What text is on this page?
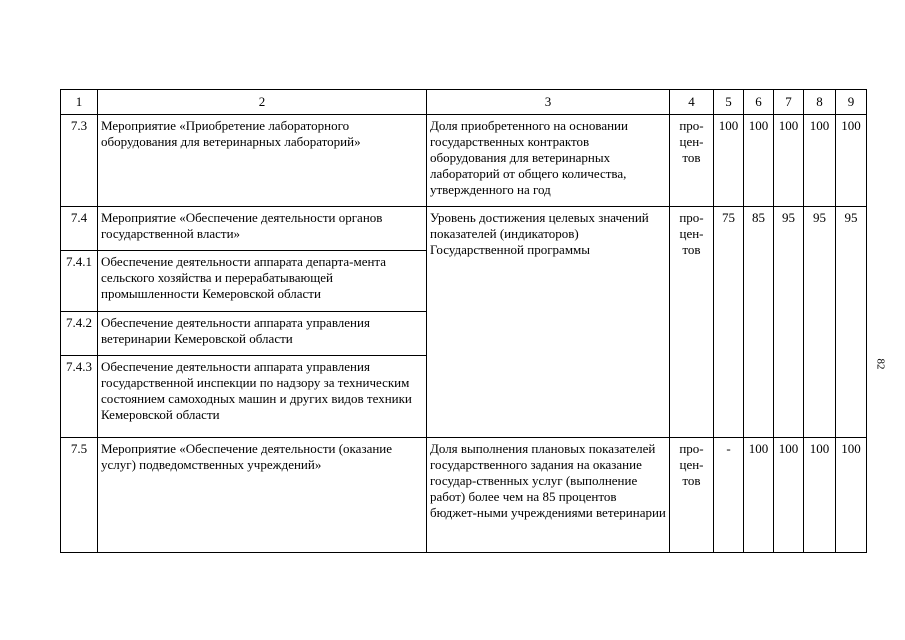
1	2	3	4	5	6	7	8	9
7.3	Мероприятие «Приобретение лабораторного оборудования для ветеринарных лабораторий»	Доля приобретенного на основании государственных контрактов оборудования для ветеринарных лабораторий от общего количества, утвержденного на год	про-
цен-
тов	100	100	100	100	100
7.4	Мероприятие «Обеспечение деятельности органов государственной власти»	Уровень достижения целевых значений показателей (индикаторов) Государственной программы	про-
цен-
тов	75	85	95	95	95
7.4.1	Обеспечение деятельности аппарата департа-мента сельского хозяйства и перерабатывающей промышленности Кемеровской области							
7.4.2	Обеспечение деятельности аппарата управления ветеринарии Кемеровской области							
7.4.3	Обеспечение деятельности аппарата управления государственной инспекции по надзору за техническим состоянием самоходных машин и других видов техники Кемеровской области							
7.5	Мероприятие «Обеспечение деятельности (оказание услуг) подведомственных учреждений»	Доля выполнения плановых показателей государственного задания на оказание государ-ственных услуг (выполнение работ) более чем на 85 процентов бюджет-ными учреждениями ветеринарии	про-
цен-
тов	-	100	100	100	100
82
